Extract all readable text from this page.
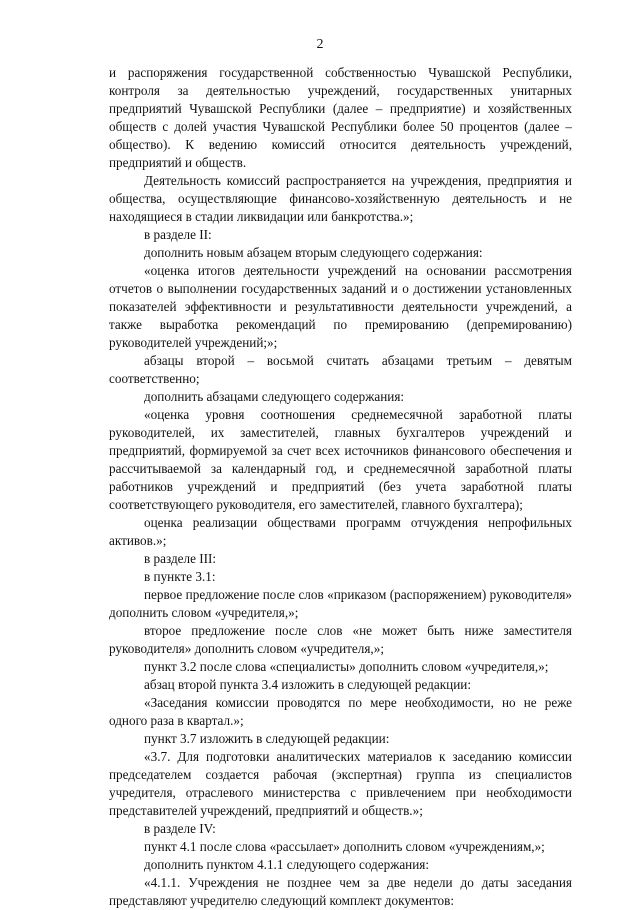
2

и распоряжения государственной собственностью Чувашской Республики, контроля за деятельностью учреждений, государственных унитарных предприятий Чувашской Республики (далее – предприятие) и хозяйственных обществ с долей участия Чувашской Республики более 50 процентов (далее – общество). К ведению комиссий относится деятельность учреждений, предприятий и обществ.

Деятельность комиссий распространяется на учреждения, предприятия и общества, осуществляющие финансово-хозяйственную деятельность и не находящиеся в стадии ликвидации или банкротства.»;

в разделе II:

дополнить новым абзацем вторым следующего содержания:

«оценка итогов деятельности учреждений на основании рассмотрения отчетов о выполнении государственных заданий и о достижении установленных показателей эффективности и результативности деятельности учреждений, а также выработка рекомендаций по премированию (депремированию) руководителей учреждений;»;

абзацы второй – восьмой считать абзацами третьим – девятым соответственно;

дополнить абзацами следующего содержания:

«оценка уровня соотношения среднемесячной заработной платы руководителей, их заместителей, главных бухгалтеров учреждений и предприятий, формируемой за счет всех источников финансового обеспечения и рассчитываемой за календарный год, и среднемесячной заработной платы работников учреждений и предприятий (без учета заработной платы соответствующего руководителя, его заместителей, главного бухгалтера);

оценка реализации обществами программ отчуждения непрофильных активов.»;

в разделе III:

в пункте 3.1:

первое предложение после слов «приказом (распоряжением) руководителя» дополнить словом «учредителя,»;

второе предложение после слов «не может быть ниже заместителя руководителя» дополнить словом «учредителя,»;

пункт 3.2 после слова «специалисты» дополнить словом «учредителя,»;

абзац второй пункта 3.4 изложить в следующей редакции:

«Заседания комиссии проводятся по мере необходимости, но не реже одного раза в квартал.»;

пункт 3.7 изложить в следующей редакции:

«3.7. Для подготовки аналитических материалов к заседанию комиссии председателем создается рабочая (экспертная) группа из специалистов учредителя, отраслевого министерства с привлечением при необходимости представителей учреждений, предприятий и обществ.»;

в разделе IV:

пункт 4.1 после слова «рассылает» дополнить словом «учреждениям,»;

дополнить пунктом 4.1.1 следующего содержания:

«4.1.1. Учреждения не позднее чем за две недели до даты заседания представляют учредителю следующий комплект документов:
